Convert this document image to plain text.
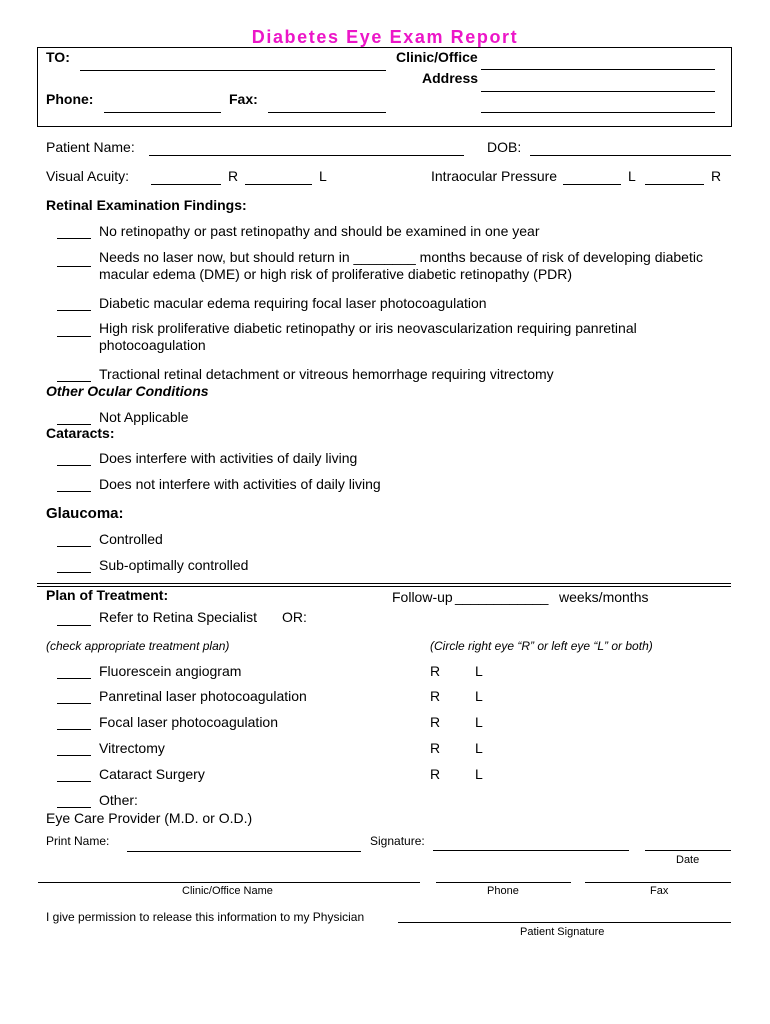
Diabetes Eye Exam Report
TO:	Clinic/Office
Address
Phone:	Fax:
Patient Name:	DOB:
Visual Acuity:	R	L	Intraocular Pressure	L	R
Retinal Examination Findings:
No retinopathy or past retinopathy and should be examined in one year
Needs no laser now, but should return in ________ months because of risk of developing diabetic
macular edema (DME) or high risk of proliferative diabetic retinopathy (PDR)
Diabetic macular edema requiring focal laser photocoagulation
High risk proliferative diabetic retinopathy or iris neovascularization requiring panretinal
photocoagulation
Tractional retinal detachment or vitreous hemorrhage requiring vitrectomy
Other Ocular Conditions
Not Applicable
Cataracts:
Does interfere with activities of daily living
Does not interfere with activities of daily living
Glaucoma:
Controlled
Sub-optimally controlled
Plan of Treatment:	Follow-up ____________ weeks/months
Refer to Retina Specialist OR:
(check appropriate treatment plan)	(Circle right eye “R” or left eye “L” or both)
Fluorescein angiogram	R L
Panretinal laser photocoagulation	R L
Focal laser photocoagulation	R L
Vitrectomy	R L
Cataract Surgery	R L
Other:
Eye Care Provider (M.D. or O.D.)
Print Name:	Signature:
Date
Clinic/Office Name	Phone	Fax
I give permission to release this information to my Physician
Patient Signature
